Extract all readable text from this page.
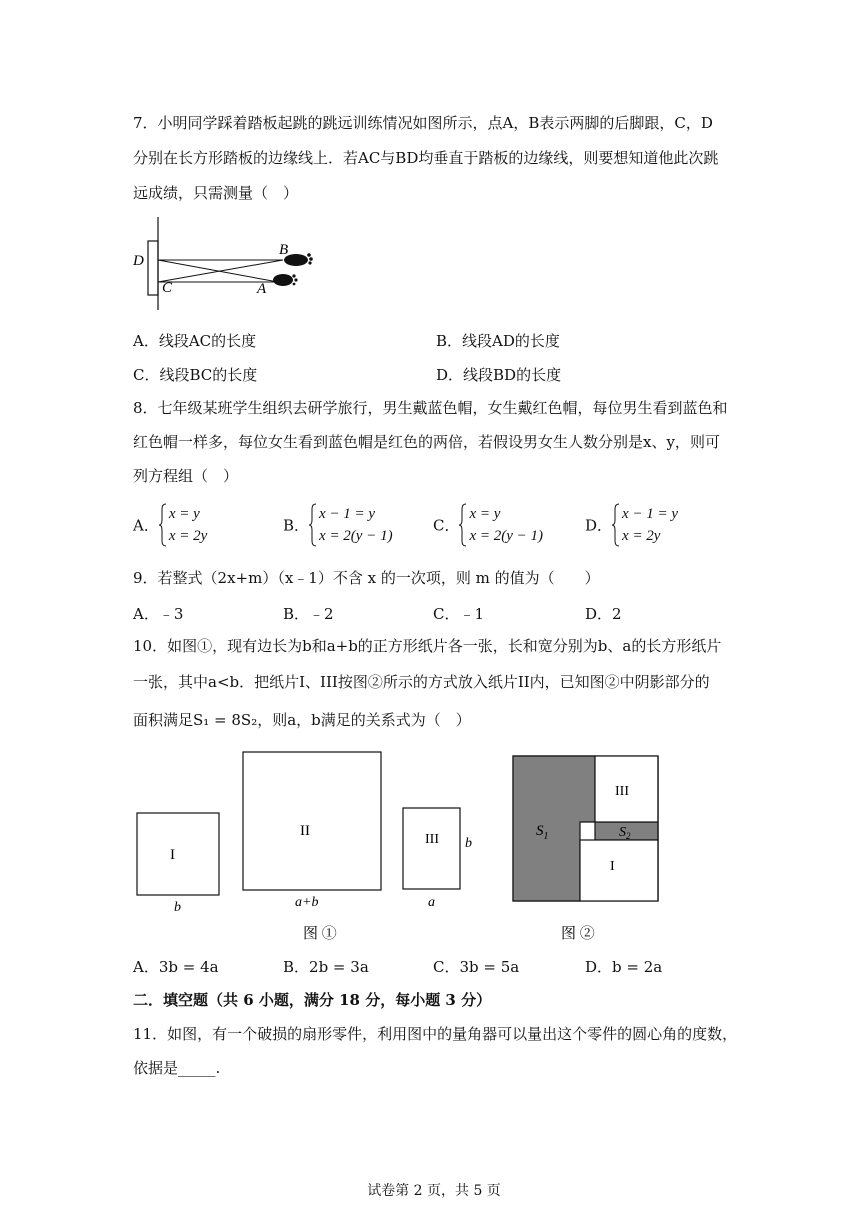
7．小明同学踩着踏板起跳的跳远训练情况如图所示，点A，B表示两脚的后脚跟，C，D
分别在长方形踏板的边缘线上．若AC与BD均垂直于踏板的边缘线，则要想知道他此次跳
远成绩，只需测量（　）
D
C
B
A
A．线段AC的长度	B．线段AD的长度
C．线段BC的长度	D．线段BD的长度
8．七年级某班学生组织去研学旅行，男生戴蓝色帽，女生戴红色帽，每位男生看到蓝色和
红色帽一样多，每位女生看到蓝色帽是红色的两倍，若假设男女生人数分别是x、y，则可
列方程组（　）
A．
x = y
x = 2y
B．
x − 1 = y
x = 2(y − 1)
C．
x = y
x = 2(y − 1)
D．
x − 1 = y
x = 2y
9．若整式（2x+m）（x﹣1）不含 x 的一次项，则 m 的值为（　　）
A．﹣3	B．﹣2	C．﹣1	D．2
10．如图①，现有边长为b和a+b的正方形纸片各一张，长和宽分别为b、a的长方形纸片
一张，其中a<b．把纸片I、III按图②所示的方式放入纸片II内，已知图②中阴影部分的
面积满足S₁ = 8S₂，则a，b满足的关系式为（　）
I
b
II
a+b
III b
a
图 ①
III
I
$S_1$	$S_2$
图 ②
A．3b = 4a	B．2b = 3a	C．3b = 5a	D．b = 2a
二．填空题（共 6 小题，满分 18 分，每小题 3 分）
11．如图，有一个破损的扇形零件，利用图中的量角器可以量出这个零件的圆心角的度数，
依据是_____.
试卷第 2 页，共 5 页
